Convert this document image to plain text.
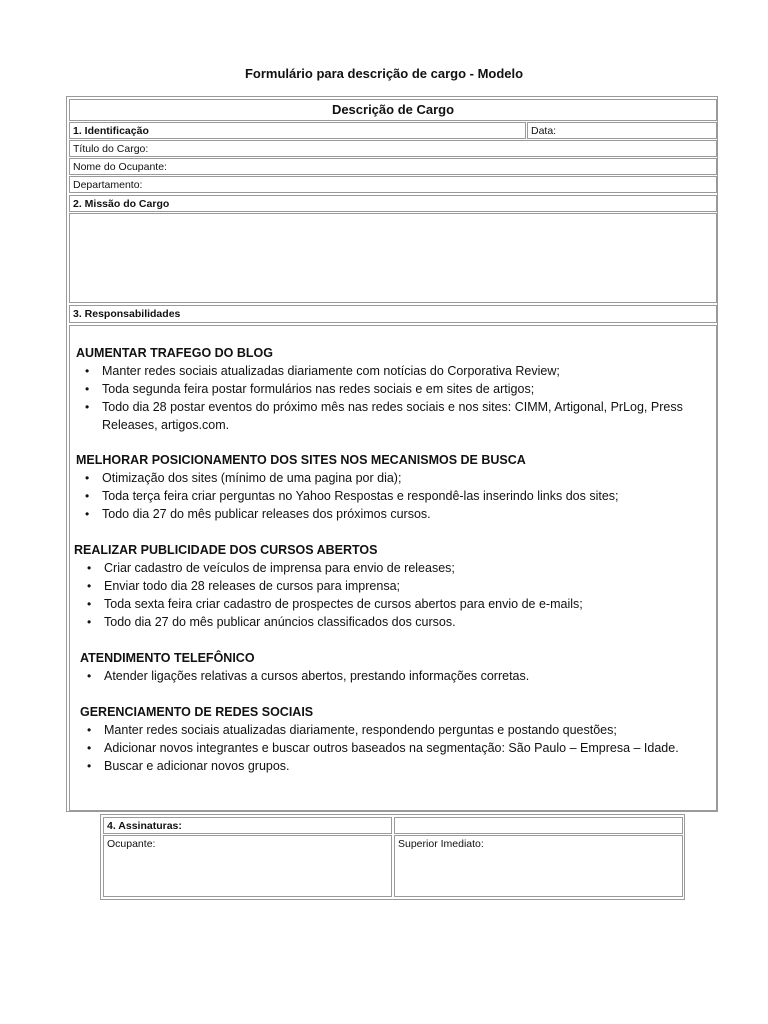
Formulário para descrição de cargo - Modelo
Descrição de Cargo
1. Identificação	Data:
Título do Cargo:
Nome do Ocupante:
Departamento:
2. Missão do Cargo
3. Responsabilidades
AUMENTAR TRAFEGO DO BLOG
• Manter redes sociais atualizadas diariamente com notícias do Corporativa Review;
• Toda segunda feira postar formulários nas redes sociais e em sites de artigos;
• Todo dia 28 postar eventos do próximo mês nas redes sociais e nos sites: CIMM, Artigonal, PrLog, Press Releases, artigos.com.
MELHORAR POSICIONAMENTO DOS SITES NOS MECANISMOS DE BUSCA
• Otimização dos sites (mínimo de uma pagina por dia);
• Toda terça feira criar perguntas no Yahoo Respostas e respondê-las inserindo links dos sites;
• Todo dia 27 do mês publicar releases dos próximos cursos.
REALIZAR PUBLICIDADE DOS CURSOS ABERTOS
• Criar cadastro de veículos de imprensa para envio de releases;
• Enviar todo dia 28 releases de cursos para imprensa;
• Toda sexta feira criar cadastro de prospectes de cursos abertos para envio de e-mails;
• Todo dia 27 do mês publicar anúncios classificados dos cursos.
ATENDIMENTO TELEFÔNICO
• Atender ligações relativas a cursos abertos, prestando informações corretas.
GERENCIAMENTO DE REDES SOCIAIS
• Manter redes sociais atualizadas diariamente, respondendo perguntas e postando questões;
• Adicionar novos integrantes e buscar outros baseados na segmentação: São Paulo – Empresa – Idade.
• Buscar e adicionar novos grupos.
4. Assinaturas:
Ocupante:	Superior Imediato:
